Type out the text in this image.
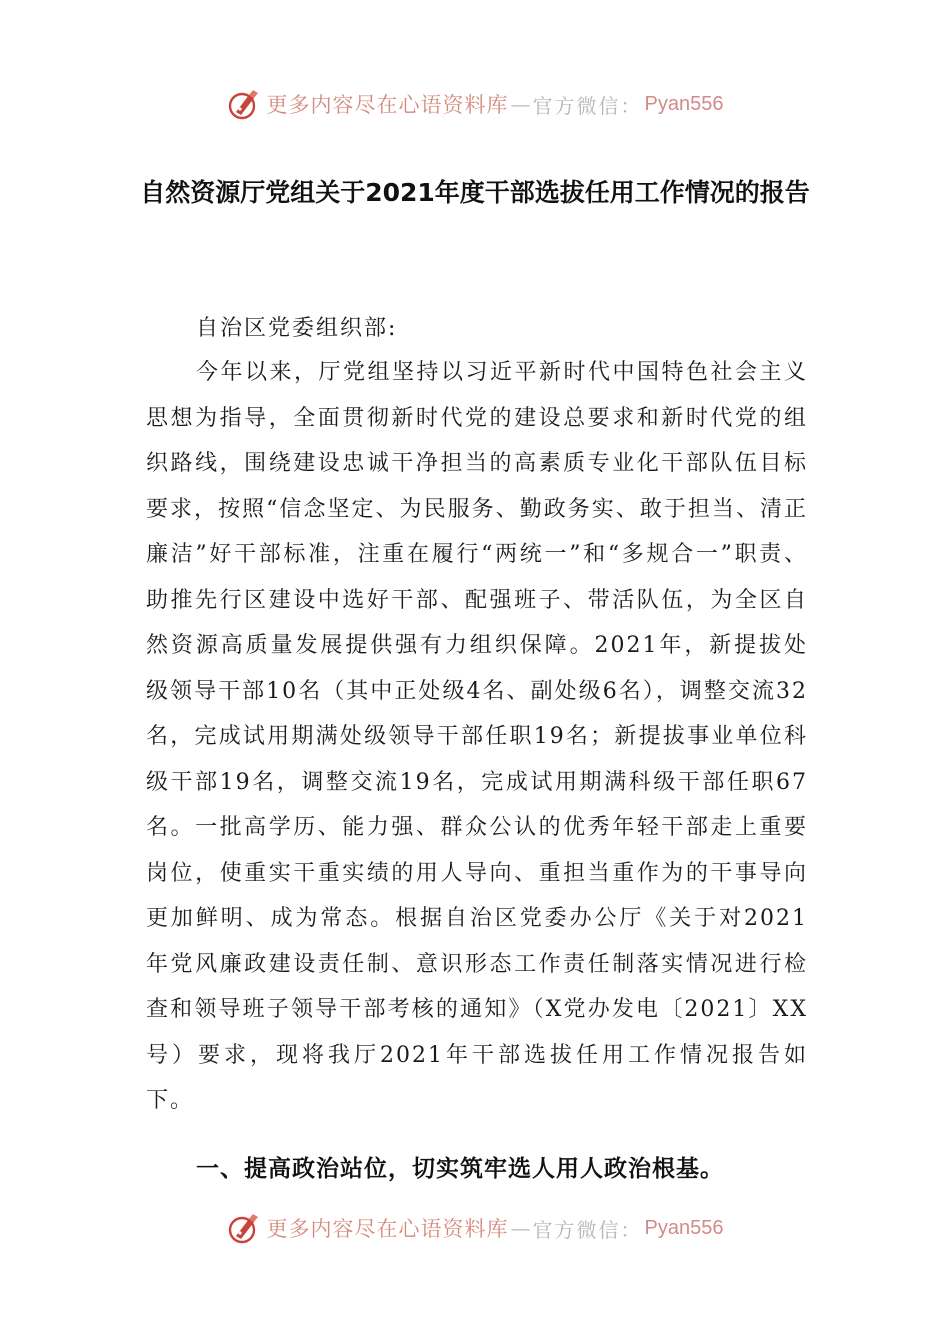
更多内容尽在心语资料库 — 官方微信： Pyan556
自然资源厅党组关于2021年度干部选拔任用工作情况的报告
自治区党委组织部:

今年以来，厅党组坚持以习近平新时代中国特色社会主义思想为指导，全面贯彻新时代党的建设总要求和新时代党的组织路线，围绕建设忠诚干净担当的高素质专业化干部队伍目标要求，按照“信念坚定、为民服务、勤政务实、敢于担当、清正廉洁”好干部标准，注重在履行“两统一”和“多规合一”职责、助推先行区建设中选好干部、配强班子、带活队伍，为全区自然资源高质量发展提供强有力组织保障。2021年，新提拔处级领导干部10名（其中正处级4名、副处级6名），调整交流32名，完成试用期满处级领导干部任职19名；新提拔事业单位科级干部19名，调整交流19名，完成试用期满科级干部任职67名。一批高学历、能力强、群众公认的优秀年轻干部走上重要岗位，使重实干重实绩的用人导向、重担当重作为的干事导向更加鲜明、成为常态。根据自治区党委办公厅《关于对2021年党风廉政建设责任制、意识形态工作责任制落实情况进行检查和领导班子领导干部考核的通知》（X党办发电〔2021〕XX号）要求，现将我厅2021年干部选拔任用工作情况报告如下。

一、提高政治站位，切实筑牢选人用人政治根基。
更多内容尽在心语资料库 — 官方微信： Pyan556
